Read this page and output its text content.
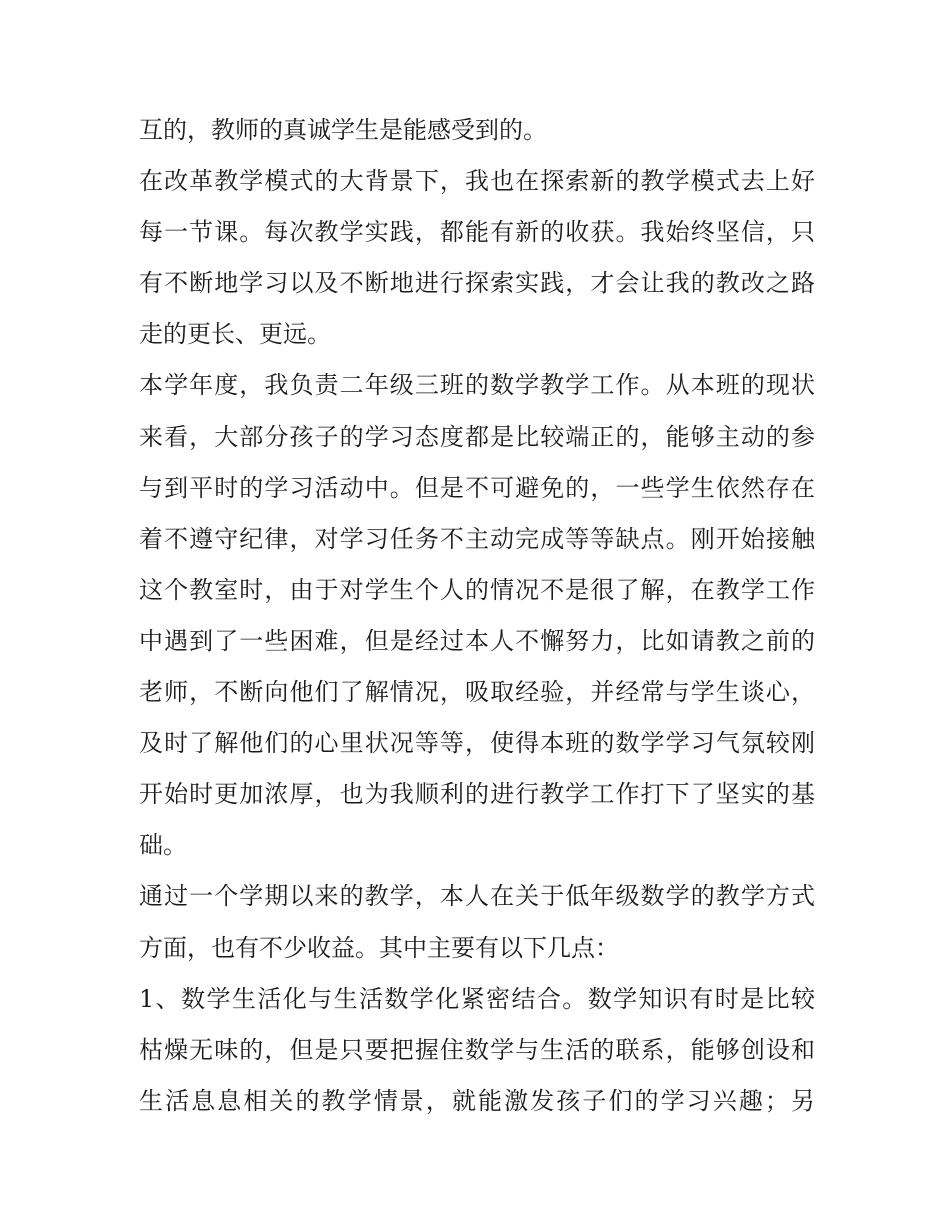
互的，教师的真诚学生是能感受到的。
在改革教学模式的大背景下，我也在探索新的教学模式去上好
每一节课。每次教学实践，都能有新的收获。我始终坚信，只
有不断地学习以及不断地进行探索实践，才会让我的教改之路
走的更长、更远。
本学年度，我负责二年级三班的数学教学工作。从本班的现状
来看，大部分孩子的学习态度都是比较端正的，能够主动的参
与到平时的学习活动中。但是不可避免的，一些学生依然存在
着不遵守纪律，对学习任务不主动完成等等缺点。刚开始接触
这个教室时，由于对学生个人的情况不是很了解，在教学工作
中遇到了一些困难，但是经过本人不懈努力，比如请教之前的
老师，不断向他们了解情况，吸取经验，并经常与学生谈心，
及时了解他们的心里状况等等，使得本班的数学学习气氛较刚
开始时更加浓厚，也为我顺利的进行教学工作打下了坚实的基
础。
通过一个学期以来的教学，本人在关于低年级数学的教学方式
方面，也有不少收益。其中主要有以下几点：
1、数学生活化与生活数学化紧密结合。数学知识有时是比较
枯燥无味的，但是只要把握住数学与生活的联系，能够创设和
生活息息相关的教学情景，就能激发孩子们的学习兴趣；另
